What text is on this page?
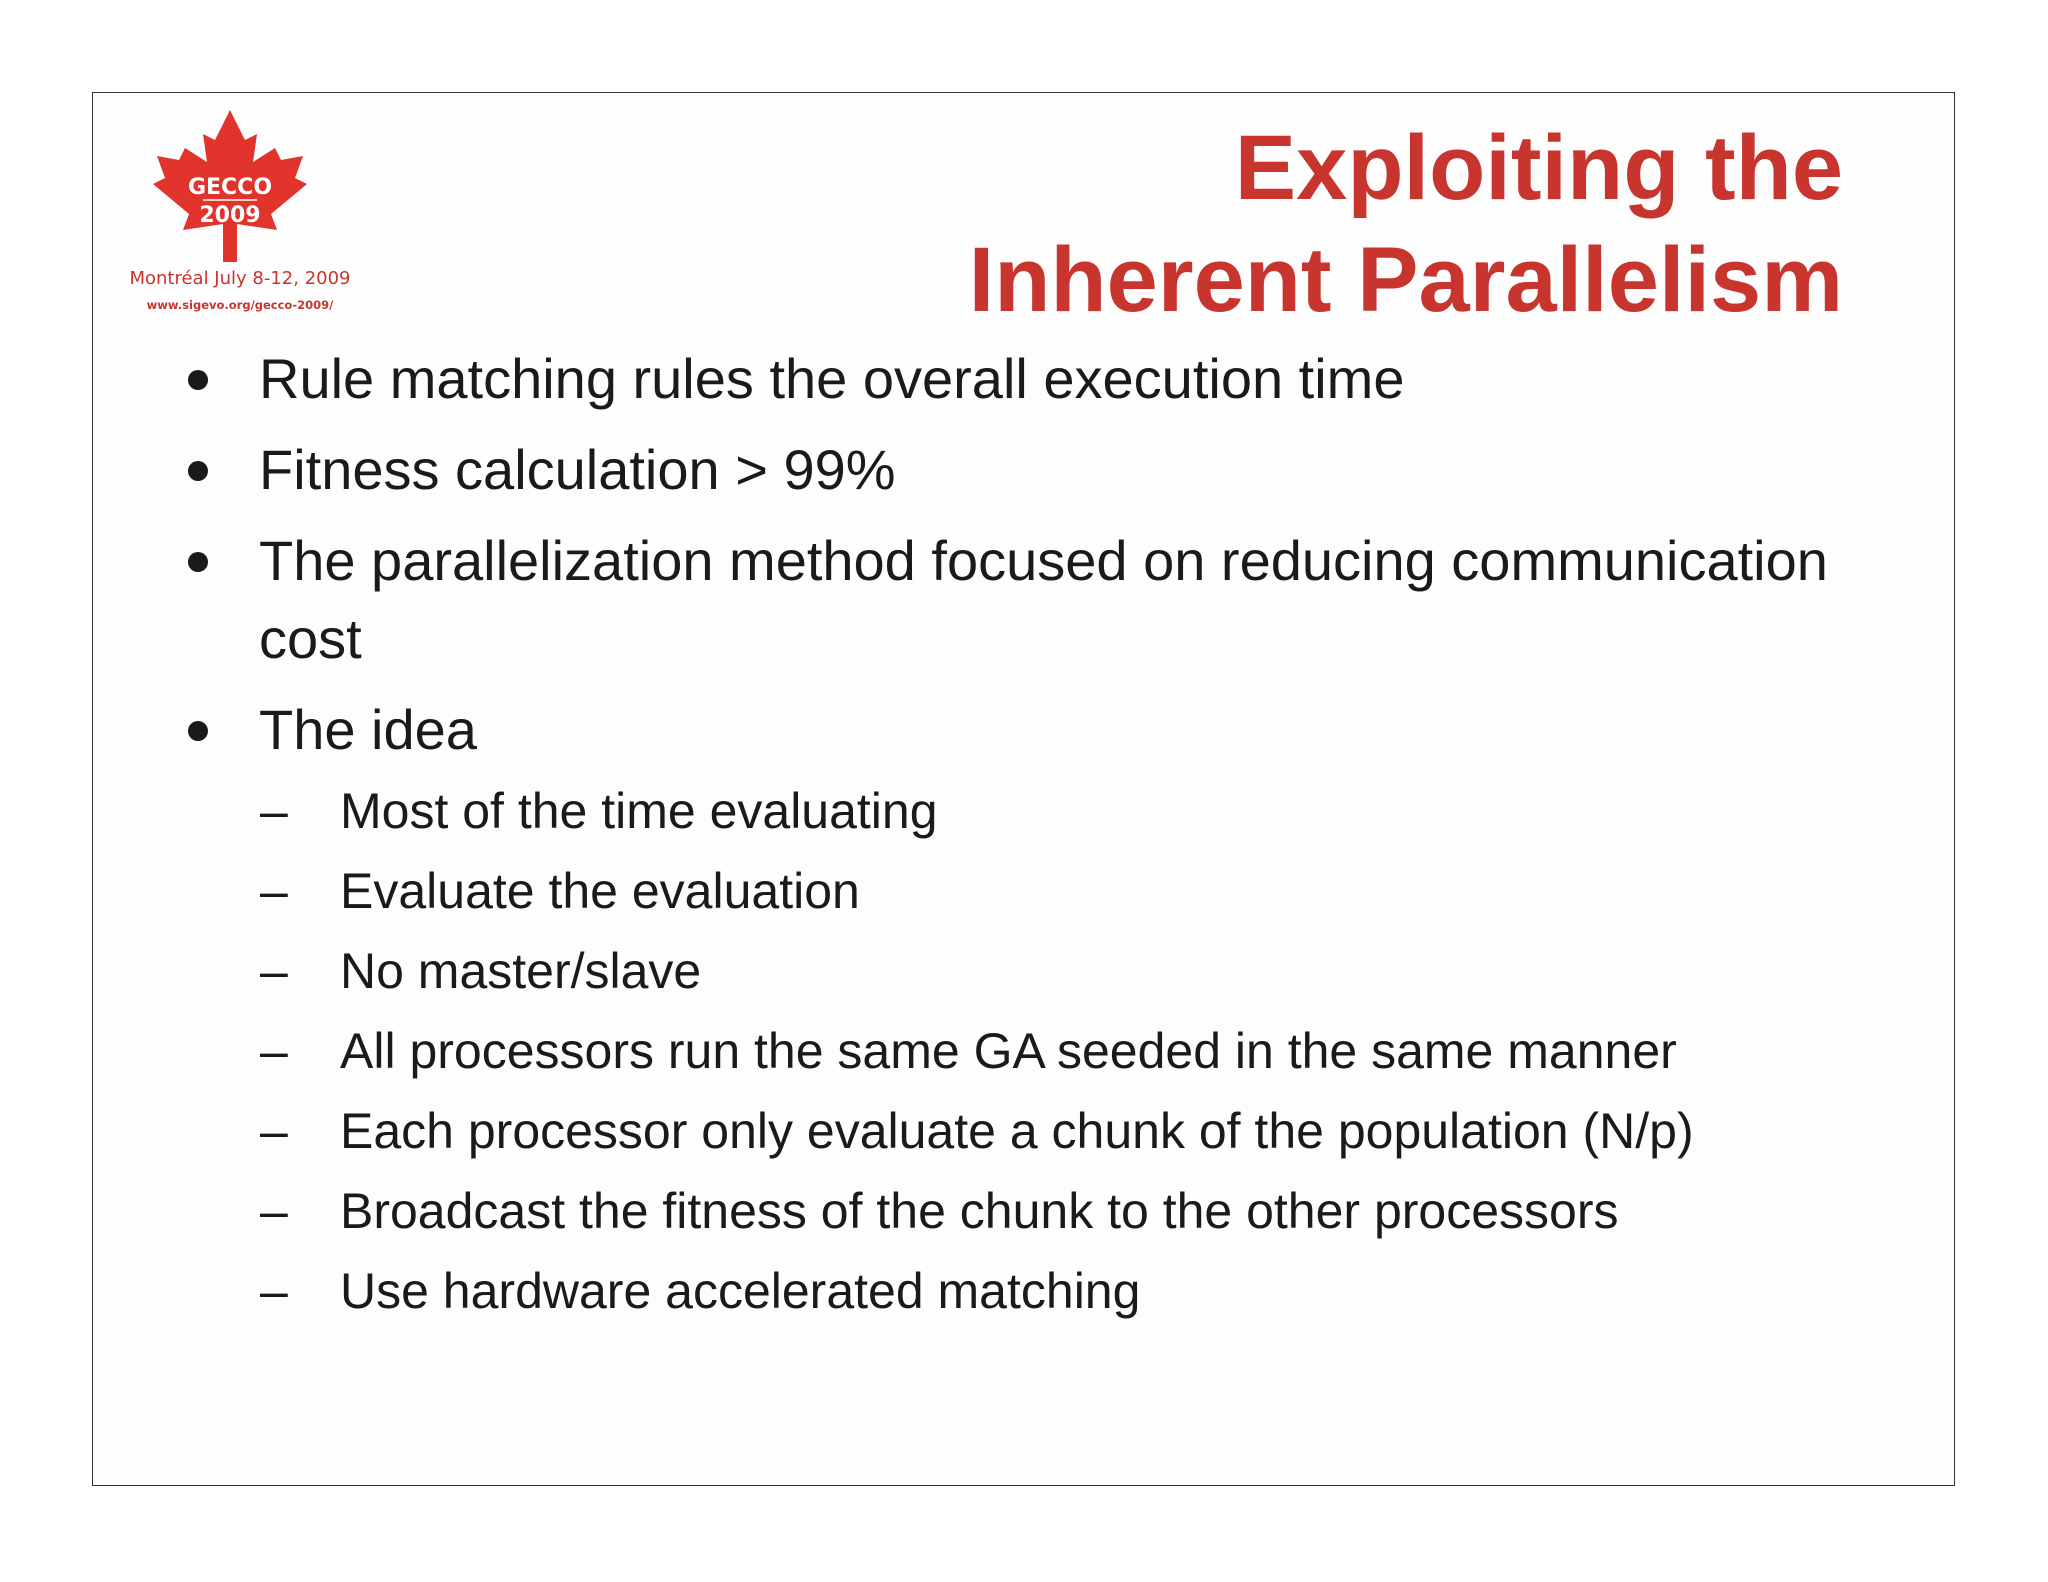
GECCO
2009
Montréal July 8-12, 2009
www.sigevo.org/gecco-2009/
Exploiting the
Inherent Parallelism
Rule matching rules the overall execution time
Fitness calculation > 99%
The parallelization method focused on reducing communication cost
The idea
– Most of the time evaluating
– Evaluate the evaluation
– No master/slave
– All processors run the same GA seeded in the same manner
– Each processor only evaluate a chunk of the population (N/p)
– Broadcast the fitness of the chunk to the other processors
– Use hardware accelerated matching
